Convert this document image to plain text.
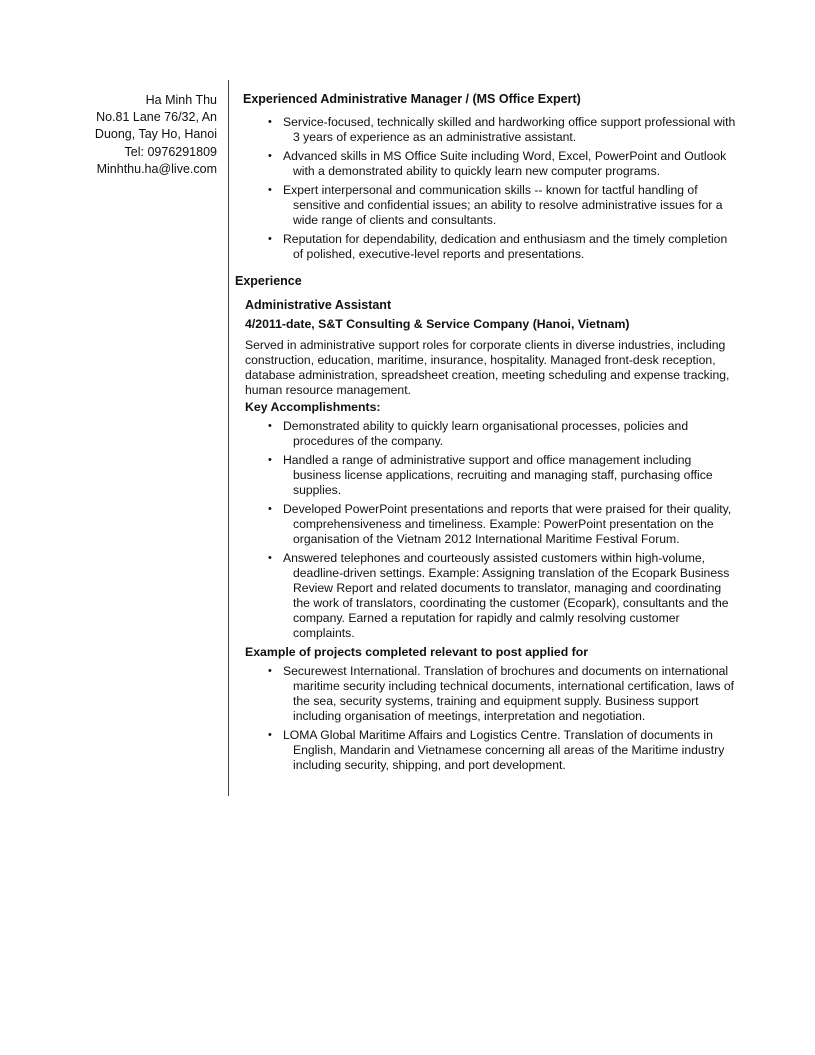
Ha Minh Thu
No.81 Lane 76/32, An
Duong, Tay Ho, Hanoi
Tel: 0976291809
Minhthu.ha@live.com
Experienced Administrative Manager / (MS Office Expert)
• Service-focused, technically skilled and hardworking office support professional with 3 years of experience as an administrative assistant.
• Advanced skills in MS Office Suite including Word, Excel, PowerPoint and Outlook with a demonstrated ability to quickly learn new computer programs.
• Expert interpersonal and communication skills -- known for tactful handling of sensitive and confidential issues; an ability to resolve administrative issues for a wide range of clients and consultants.
• Reputation for dependability, dedication and enthusiasm and the timely completion of polished, executive-level reports and presentations.
Experience
Administrative Assistant
4/2011-date, S&T Consulting & Service Company (Hanoi, Vietnam)
Served in administrative support roles for corporate clients in diverse industries, including construction, education, maritime, insurance, hospitality. Managed front-desk reception, database administration, spreadsheet creation, meeting scheduling and expense tracking, human resource management.
Key Accomplishments:
• Demonstrated ability to quickly learn organisational processes, policies and procedures of the company.
• Handled a range of administrative support and office management including business license applications, recruiting and managing staff, purchasing office supplies.
• Developed PowerPoint presentations and reports that were praised for their quality, comprehensiveness and timeliness. Example: PowerPoint presentation on the organisation of the Vietnam 2012 International Maritime Festival Forum.
• Answered telephones and courteously assisted customers within high-volume, deadline-driven settings. Example: Assigning translation of the Ecopark Business Review Report and related documents to translator, managing and coordinating the work of translators, coordinating the customer (Ecopark), consultants and the company. Earned a reputation for rapidly and calmly resolving customer complaints.
Example of projects completed relevant to post applied for
• Securewest International. Translation of brochures and documents on international maritime security including technical documents, international certification, laws of the sea, security systems, training and equipment supply. Business support including organisation of meetings, interpretation and negotiation.
• LOMA Global Maritime Affairs and Logistics Centre. Translation of documents in English, Mandarin and Vietnamese concerning all areas of the Maritime industry including security, shipping, and port development.
